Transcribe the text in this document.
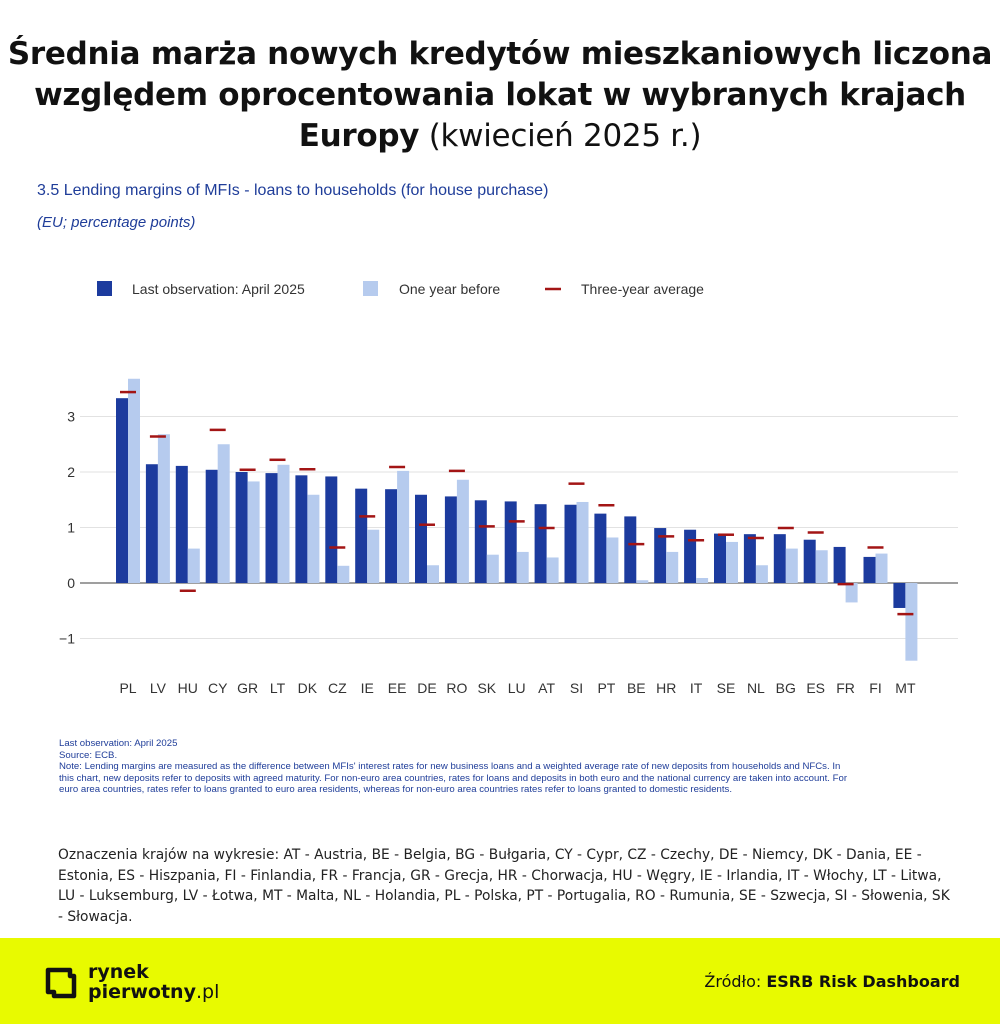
Średnia marża nowych kredytów mieszkaniowych liczona względem oprocentowania lokat w wybranych krajach Europy (kwiecień 2025 r.)
3.5 Lending margins of MFIs - loans to households (for house purchase)
(EU; percentage points)
−1
0
1
2
3
Last observation: April 2025	One year before	Three-year average
PL LV HU CY GR LT DK CZ IE EE DE RO SK LU AT SI PT BE HR IT SE NL BG ES FR FI MT
Last observation: April 2025
Source: ECB.
Note: Lending margins are measured as the difference between MFIs' interest rates for new business loans and a weighted average rate of new deposits from households and NFCs. In this chart, new deposits refer to deposits with agreed maturity. For non-euro area countries, rates for loans and deposits in both euro and the national currency are taken into account. For euro area countries, rates refer to loans granted to euro area residents, whereas for non-euro area countries rates refer to loans granted to domestic residents.
Oznaczenia krajów na wykresie: AT - Austria, BE - Belgia, BG - Bułgaria, CY - Cypr, CZ - Czechy, DE - Niemcy, DK - Dania, EE - Estonia, ES - Hiszpania, FI - Finlandia, FR - Francja, GR - Grecja, HR - Chorwacja, HU - Węgry, IE - Irlandia, IT - Włochy, LT - Litwa, LU - Luksemburg, LV - Łotwa, MT - Malta, NL - Holandia, PL - Polska, PT - Portugalia, RO - Rumunia, SE - Szwecja, SI - Słowenia, SK - Słowacja.
rynek
pierwotny.pl	Źródło: ESRB Risk Dashboard
